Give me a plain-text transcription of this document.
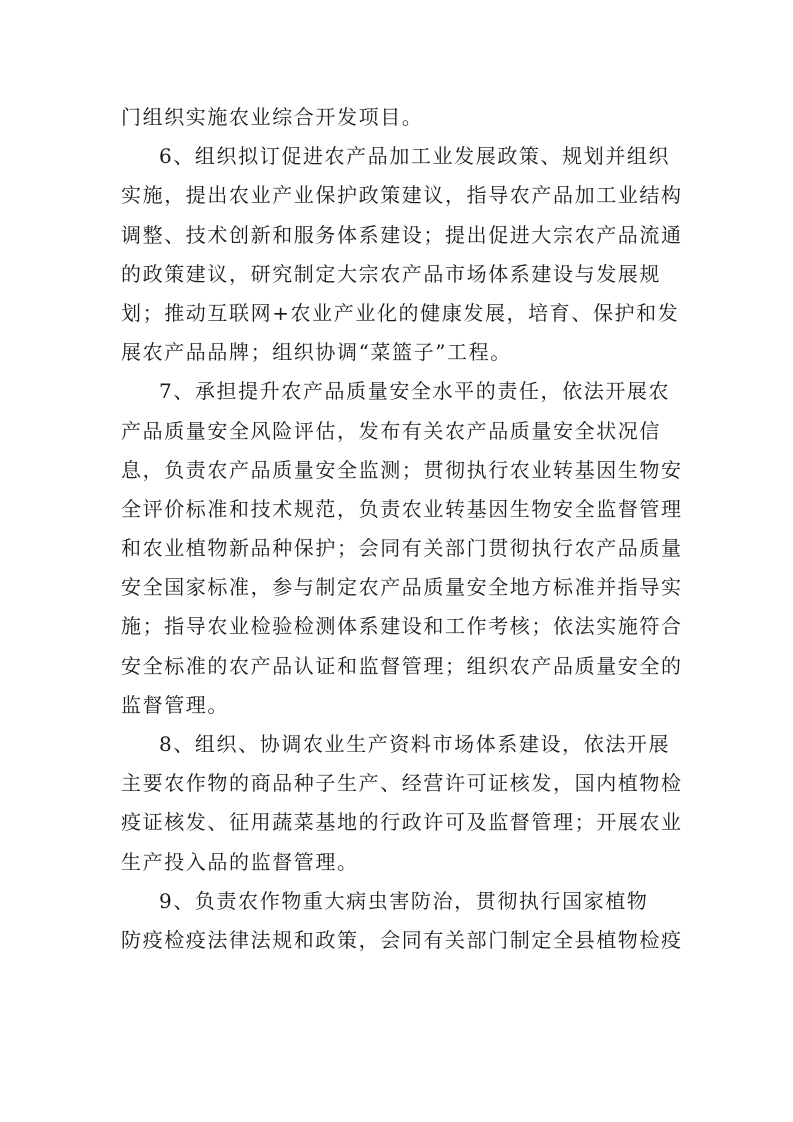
门组织实施农业综合开发项目。
6、组织拟订促进农产品加工业发展政策、规划并组织
实施，提出农业产业保护政策建议，指导农产品加工业结构
调整、技术创新和服务体系建设；提出促进大宗农产品流通
的政策建议，研究制定大宗农产品市场体系建设与发展规
划；推动互联网+农业产业化的健康发展，培育、保护和发
展农产品品牌；组织协调“菜篮子”工程。
7、承担提升农产品质量安全水平的责任，依法开展农
产品质量安全风险评估，发布有关农产品质量安全状况信
息，负责农产品质量安全监测；贯彻执行农业转基因生物安
全评价标准和技术规范，负责农业转基因生物安全监督管理
和农业植物新品种保护；会同有关部门贯彻执行农产品质量
安全国家标准，参与制定农产品质量安全地方标准并指导实
施；指导农业检验检测体系建设和工作考核；依法实施符合
安全标准的农产品认证和监督管理；组织农产品质量安全的
监督管理。
8、组织、协调农业生产资料市场体系建设，依法开展
主要农作物的商品种子生产、经营许可证核发，国内植物检
疫证核发、征用蔬菜基地的行政许可及监督管理；开展农业
生产投入品的监督管理。
9、负责农作物重大病虫害防治，贯彻执行国家植物
防疫检疫法律法规和政策，会同有关部门制定全县植物检疫
